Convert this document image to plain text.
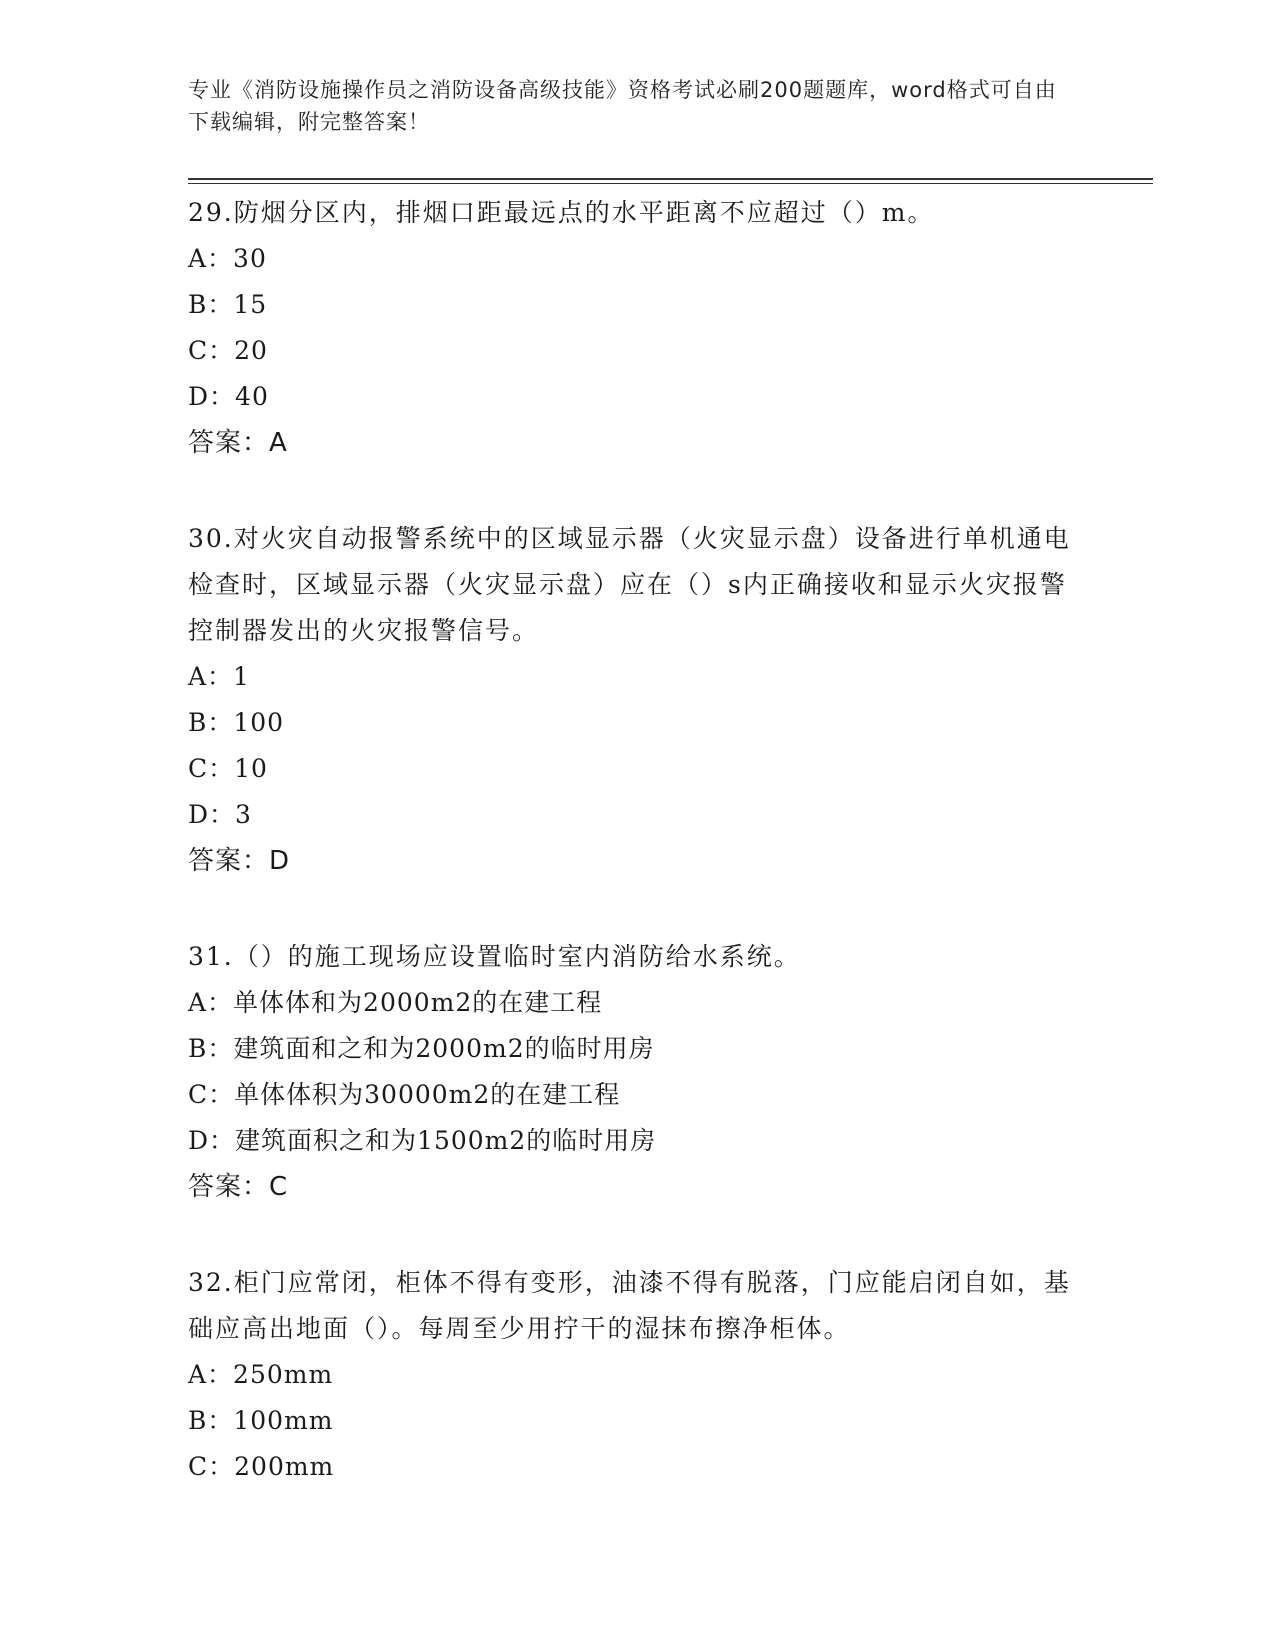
专业《消防设施操作员之消防设备高级技能》资格考试必刷200题题库，word格式可自由下载编辑，附完整答案！

29.防烟分区内，排烟口距最远点的水平距离不应超过（）m。

A：30

B：15

C：20

D：40

答案：A

30.对火灾自动报警系统中的区域显示器（火灾显示盘）设备进行单机通电检查时，区域显示器（火灾显示盘）应在（）s内正确接收和显示火灾报警控制器发出的火灾报警信号。

A：1

B：100

C：10

D：3

答案：D

31.（）的施工现场应设置临时室内消防给水系统。

A：单体体和为2000m2的在建工程

B：建筑面和之和为2000m2的临时用房

C：单体体积为30000m2的在建工程

D：建筑面积之和为1500m2的临时用房

答案：C

32.柜门应常闭，柜体不得有变形，油漆不得有脱落，门应能启闭自如，基础应高出地面（）。每周至少用拧干的湿抹布擦净柜体。

A：250mm

B：100mm

C：200mm
